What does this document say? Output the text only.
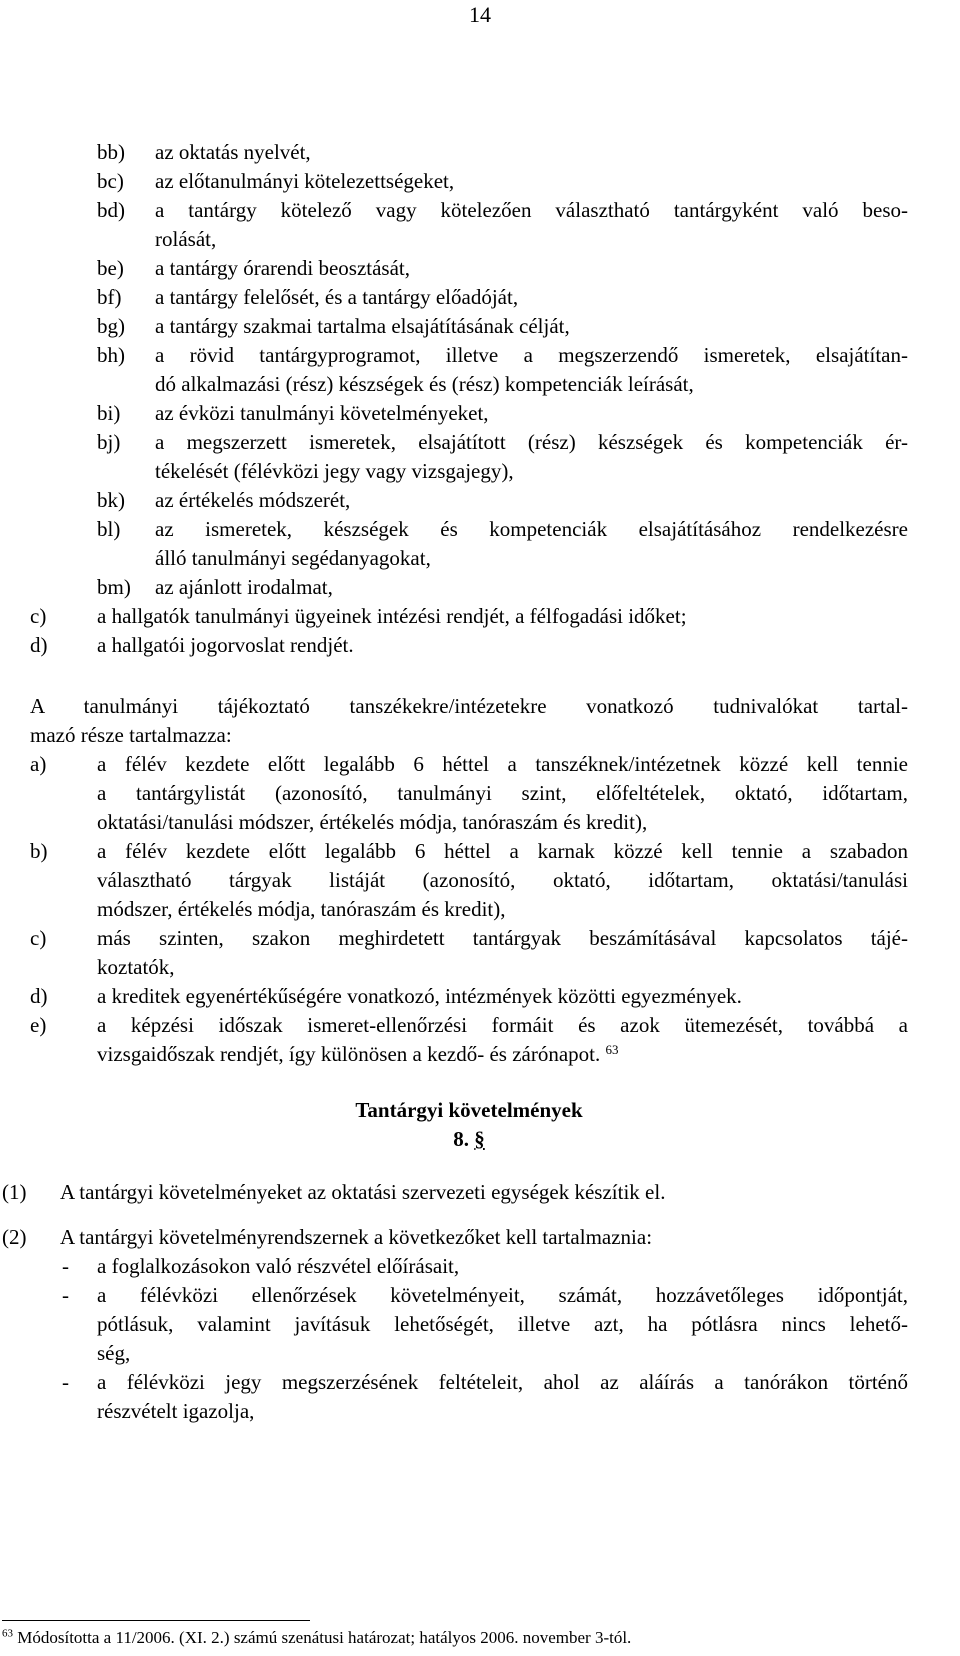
14
bb)	az oktatás nyelvét,
bc)	az előtanulmányi kötelezettségeket,
bd)	a tantárgy kötelező vagy kötelezően választható tantárgyként való beso-
rolását,
be)	a tantárgy órarendi beosztását,
bf)	a tantárgy felelősét, és a tantárgy előadóját,
bg)	a tantárgy szakmai tartalma elsajátításának célját,
bh)	a rövid tantárgyprogramot, illetve a megszerzendő ismeretek, elsajátítan-
dó alkalmazási (rész) készségek és (rész) kompetenciák leírását,
bi)	az évközi tanulmányi követelményeket,
bj)	a megszerzett ismeretek, elsajátított (rész) készségek és kompetenciák ér-
tékelését (félévközi jegy vagy vizsgajegy),
bk)	az értékelés módszerét,
bl)	az ismeretek, készségek és kompetenciák elsajátításához rendelkezésre
álló tanulmányi segédanyagokat,
bm)	az ajánlott irodalmat,
c)	a hallgatók tanulmányi ügyeinek intézési rendjét, a félfogadási időket;
d)	a hallgatói jogorvoslat rendjét.
A tanulmányi tájékoztató tanszékekre/intézetekre vonatkozó tudnivalókat tartal-
mazó része tartalmazza:
a)	a félév kezdete előtt legalább 6 héttel a tanszéknek/intézetnek közzé kell tennie
a tantárgylistát (azonosító, tanulmányi szint, előfeltételek, oktató, időtartam,
oktatási/tanulási módszer, értékelés módja, tanóraszám és kredit),
b)	a félév kezdete előtt legalább 6 héttel a karnak közzé kell tennie a szabadon
választható tárgyak listáját (azonosító, oktató, időtartam, oktatási/tanulási
módszer, értékelés módja, tanóraszám és kredit),
c)	más szinten, szakon meghirdetett tantárgyak beszámításával kapcsolatos tájé-
koztatók,
d)	a kreditek egyenértékűségére vonatkozó, intézmények közötti egyezmények.
e)	a képzési időszak ismeret-ellenőrzési formáit és azok ütemezését, továbbá a
vizsgaidőszak rendjét, így különösen a kezdő- és zárónapot. $^{63}$
Tantárgyi követelmények
8. §
(1)	A tantárgyi követelményeket az oktatási szervezeti egységek készítik el.
(2)	A tantárgyi követelményrendszernek a következőket kell tartalmaznia:
-	a foglalkozásokon való részvétel előírásait,
-	a félévközi ellenőrzések követelményeit, számát, hozzávetőleges időpontját,
pótlásuk, valamint javításuk lehetőségét, illetve azt, ha pótlásra nincs lehető-
ség,
-	a félévközi jegy megszerzésének feltételeit, ahol az aláírás a tanórákon történő
részvételt igazolja,
$^{63}$ Módosította a 11/2006. (XI. 2.) számú szenátusi határozat; hatályos 2006. november 3-tól.
